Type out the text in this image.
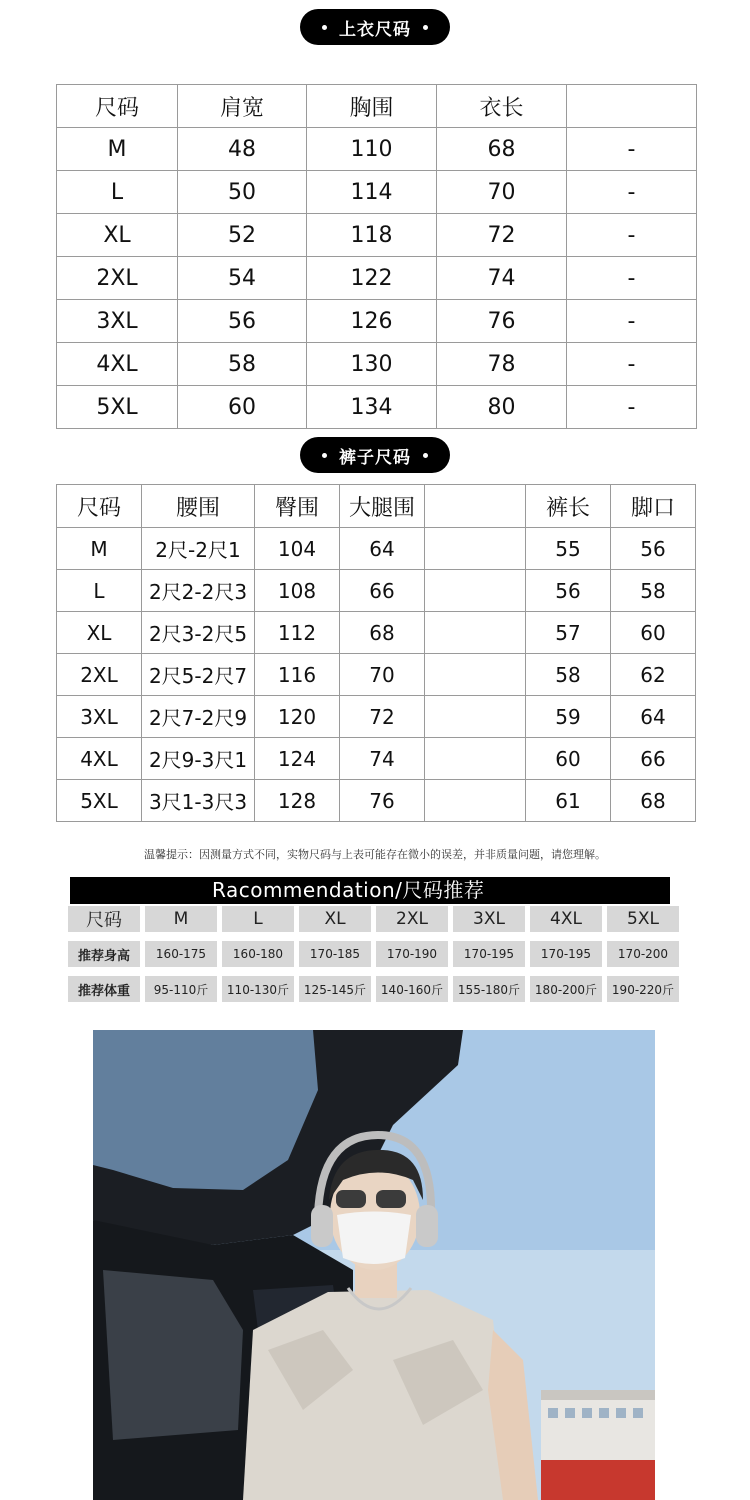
上衣尺码
尺码	肩宽	胸围	衣长	
M	48	110	68	-
L	50	114	70	-
XL	52	118	72	-
2XL	54	122	74	-
3XL	56	126	76	-
4XL	58	130	78	-
5XL	60	134	80	-
裤子尺码
尺码	腰围	臀围	大腿围		裤长	脚口
M	2尺-2尺1	104	64		55	56
L	2尺2-2尺3	108	66		56	58
XL	2尺3-2尺5	112	68		57	60
2XL	2尺5-2尺7	116	70		58	62
3XL	2尺7-2尺9	120	72		59	64
4XL	2尺9-3尺1	124	74		60	66
5XL	3尺1-3尺3	128	76		61	68
温馨提示：因测量方式不同，实物尺码与上表可能存在微小的误差，并非质量问题，请您理解。
Racommendation/尺码推荐
尺码	M	L	XL	2XL	3XL	4XL	5XL
推荐身高	160-175	160-180	170-185	170-190	170-195	170-195	170-200
推荐体重	95-110斤	110-130斤	125-145斤	140-160斤	155-180斤	180-200斤	190-220斤
